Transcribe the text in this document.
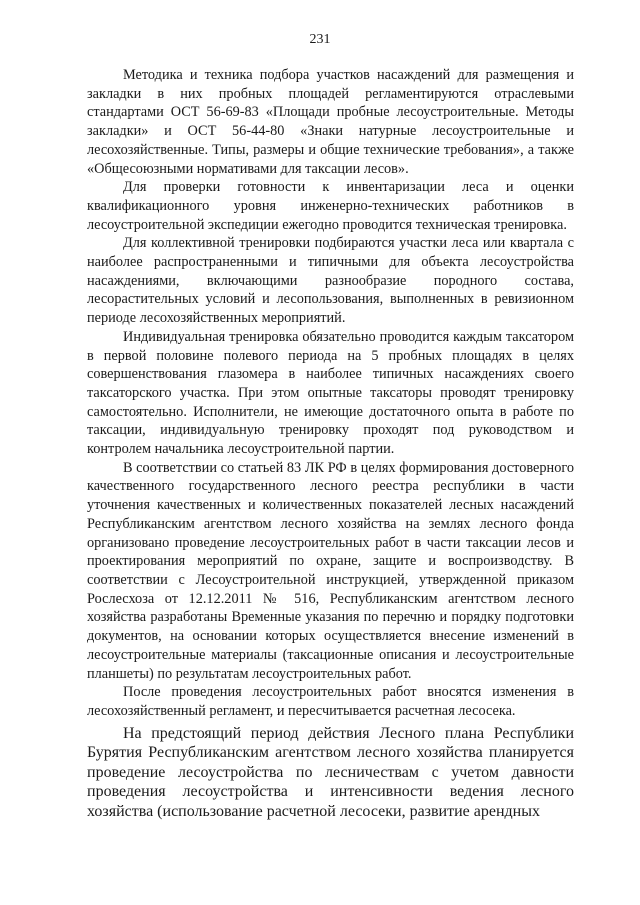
231

Методика и техника подбора участков насаждений для размещения и закладки в них пробных площадей регламентируются отраслевыми стандартами ОСТ 56-69-83 «Площади пробные лесоустроительные. Методы закладки» и ОСТ 56-44-80 «Знаки натурные лесоустроительные и лесохозяйственные. Типы, размеры и общие технические требования», а также «Общесоюзными нормативами для таксации лесов».

Для проверки готовности к инвентаризации леса и оценки квалификационного уровня инженерно-технических работников в лесоустроительной экспедиции ежегодно проводится техническая тренировка.

Для коллективной тренировки подбираются участки леса или квартала с наиболее распространенными и типичными для объекта лесоустройства насаждениями, включающими разнообразие породного состава, лесорастительных условий и лесопользования, выполненных в ревизионном периоде лесохозяйственных мероприятий.

Индивидуальная тренировка обязательно проводится каждым таксатором в первой половине полевого периода на 5 пробных площадях в целях совершенствования глазомера в наиболее типичных насаждениях своего таксаторского участка. При этом опытные таксаторы проводят тренировку самостоятельно. Исполнители, не имеющие достаточного опыта в работе по таксации, индивидуальную тренировку проходят под руководством и контролем начальника лесоустроительной партии.

В соответствии со статьей 83 ЛК РФ в целях формирования достоверного качественного государственного лесного реестра республики в части уточнения качественных и количественных показателей лесных насаждений Республиканским агентством лесного хозяйства на землях лесного фонда организовано проведение лесоустроительных работ в части таксации лесов и проектирования мероприятий по охране, защите и воспроизводству. В соответствии с Лесоустроительной инструкцией, утвержденной приказом Рослесхоза от 12.12.2011 № 516, Республиканским агентством лесного хозяйства разработаны Временные указания по перечню и порядку подготовки документов, на основании которых осуществляется внесение изменений в лесоустроительные материалы (таксационные описания и лесоустроительные планшеты) по результатам лесоустроительных работ.

После проведения лесоустроительных работ вносятся изменения в лесохозяйственный регламент, и пересчитывается расчетная лесосека.

На предстоящий период действия Лесного плана Республики Бурятия Республиканским агентством лесного хозяйства планируется проведение лесоустройства по лесничествам с учетом давности проведения лесоустройства и интенсивности ведения лесного хозяйства (использование расчетной лесосеки, развитие арендных
